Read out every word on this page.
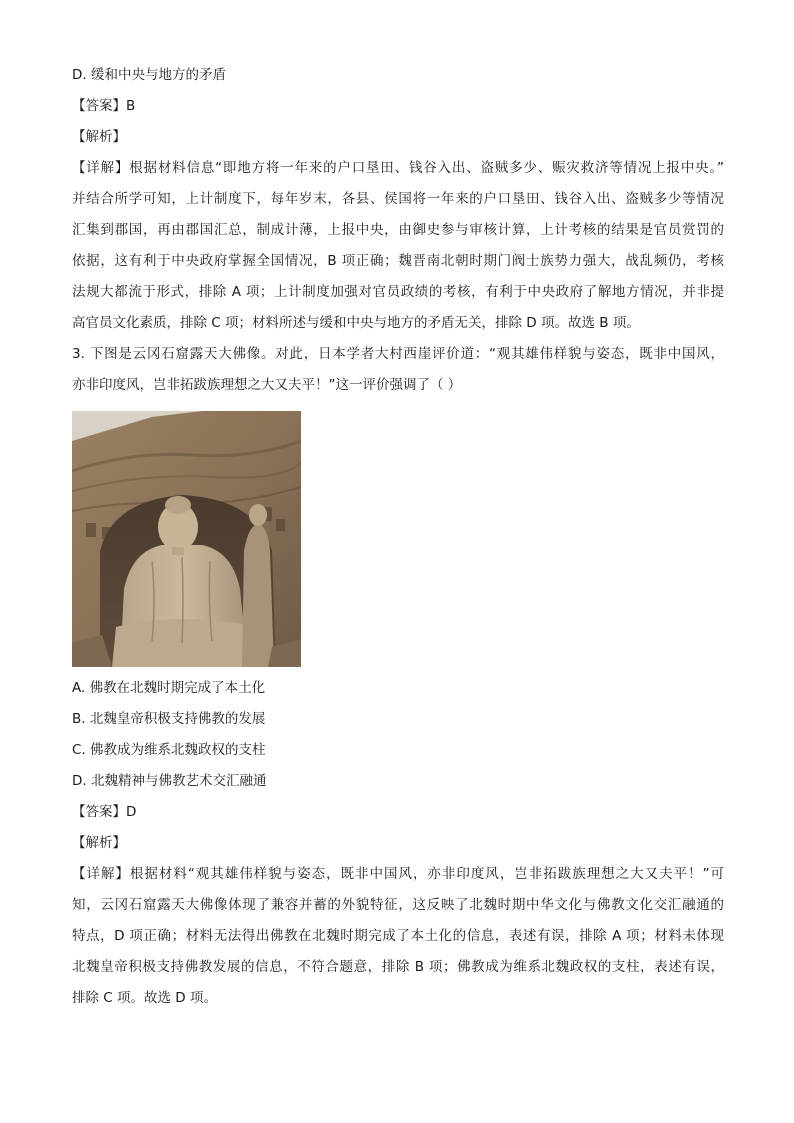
D. 缓和中央与地方的矛盾
【答案】B
【解析】
【详解】根据材料信息“即地方将一年来的户口垦田、钱谷入出、盗贼多少、赈灾救济等情况上报中央。”
并结合所学可知，上计制度下，每年岁末，各县、侯国将一年来的户口垦田、钱谷入出、盗贼多少等情况
汇集到郡国，再由郡国汇总，制成计薄，上报中央，由御史参与审核计算，上计考核的结果是官员赏罚的
依据，这有利于中央政府掌握全国情况，B 项正确；魏晋南北朝时期门阀士族势力强大，战乱频仍，考核
法规大都流于形式，排除 A 项；上计制度加强对官员政绩的考核，有利于中央政府了解地方情况，并非提
高官员文化素质，排除 C 项；材料所述与缓和中央与地方的矛盾无关，排除 D 项。故选 B 项。
3. 下图是云冈石窟露天大佛像。对此，日本学者大村西崖评价道：“观其雄伟样貌与姿态，既非中国风，
亦非印度风，岂非拓跋族理想之大又夫平！”这一评价强调了（ ）
A. 佛教在北魏时期完成了本土化
B. 北魏皇帝积极支持佛教的发展
C. 佛教成为维系北魏政权的支柱
D. 北魏精神与佛教艺术交汇融通
【答案】D
【解析】
【详解】根据材料“观其雄伟样貌与姿态，既非中国风，亦非印度风，岂非拓跋族理想之大又夫平！”可
知，云冈石窟露天大佛像体现了兼容并蓄的外貌特征，这反映了北魏时期中华文化与佛教文化交汇融通的
特点，D 项正确；材料无法得出佛教在北魏时期完成了本土化的信息，表述有误，排除 A 项；材料未体现
北魏皇帝积极支持佛教发展的信息，不符合题意，排除 B 项；佛教成为维系北魏政权的支柱，表述有误，
排除 C 项。故选 D 项。
